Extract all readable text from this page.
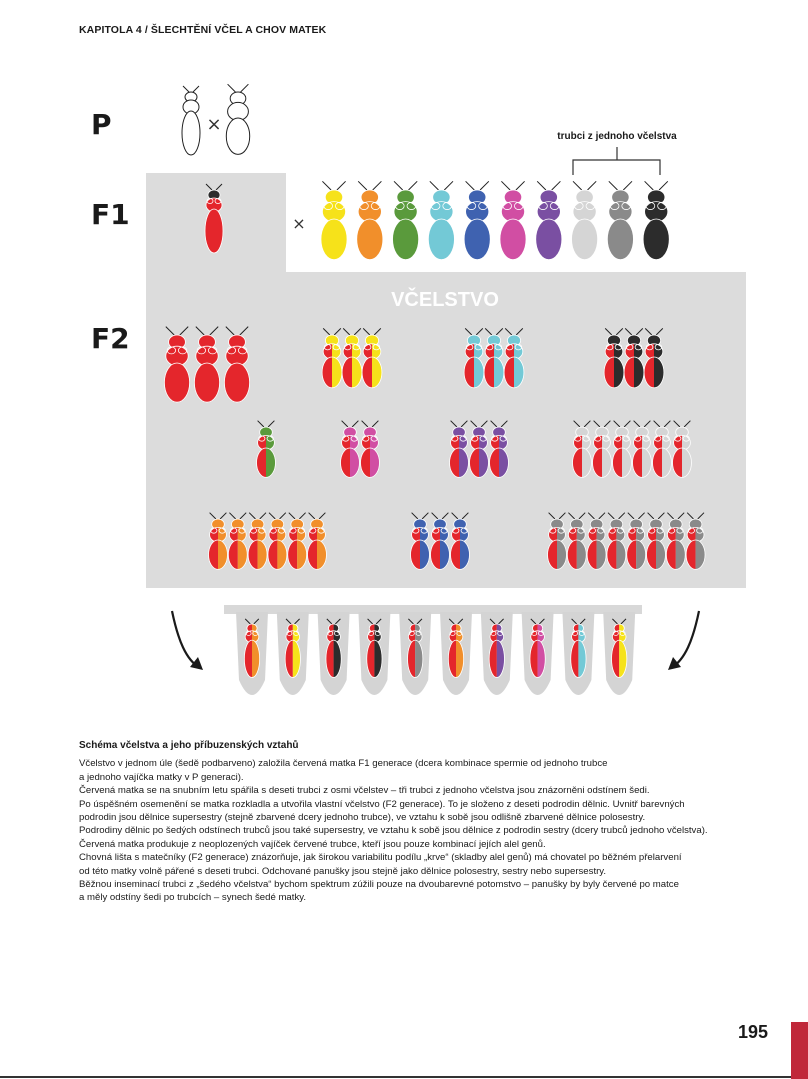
KAPITOLA 4 / ŠLECHTĚNÍ VČEL A CHOV MATEK
P
F1
F2
VČELSTVO
×
×
trubci z jednoho včelstva
Schéma včelstva a jeho příbuzenských vztahů

Včelstvo v jednom úle (šedě podbarveno) založila červená matka F1 generace (dcera kombinace spermie od jednoho trubce

a jednoho vajíčka matky v P generaci).

Červená matka se na snubním letu spářila s deseti trubci z osmi včelstev – tři trubci z jednoho včelstva jsou znázorněni odstínem šedi.

Po úspěšném osemenění se matka rozkladla a utvořila vlastní včelstvo (F2 generace). To je složeno z deseti podrodin dělnic. Uvnitř barevných

podrodin jsou dělnice supersestry (stejně zbarvené dcery jednoho trubce), ve vztahu k sobě jsou odlišně zbarvené dělnice polosestry.

Podrodiny dělnic po šedých odstínech trubců jsou také supersestry, ve vztahu k sobě jsou dělnice z podrodin sestry (dcery trubců jednoho včelstva).

Červená matka produkuje z neoplozených vajíček červené trubce, kteří jsou pouze kombinací jejích alel genů.

Chovná lišta s matečníky (F2 generace) znázorňuje, jak širokou variabilitu podílu „krve“ (skladby alel genů) má chovatel po běžném přelarvení

od této matky volně pářené s deseti trubci. Odchované panušky jsou stejně jako dělnice polosestry, sestry nebo supersestry.

Běžnou inseminací trubci z „šedého včelstva“ bychom spektrum zúžili pouze na dvoubarevné potomstvo – panušky by byly červené po matce

a měly odstíny šedi po trubcích – synech šedé matky.

195
